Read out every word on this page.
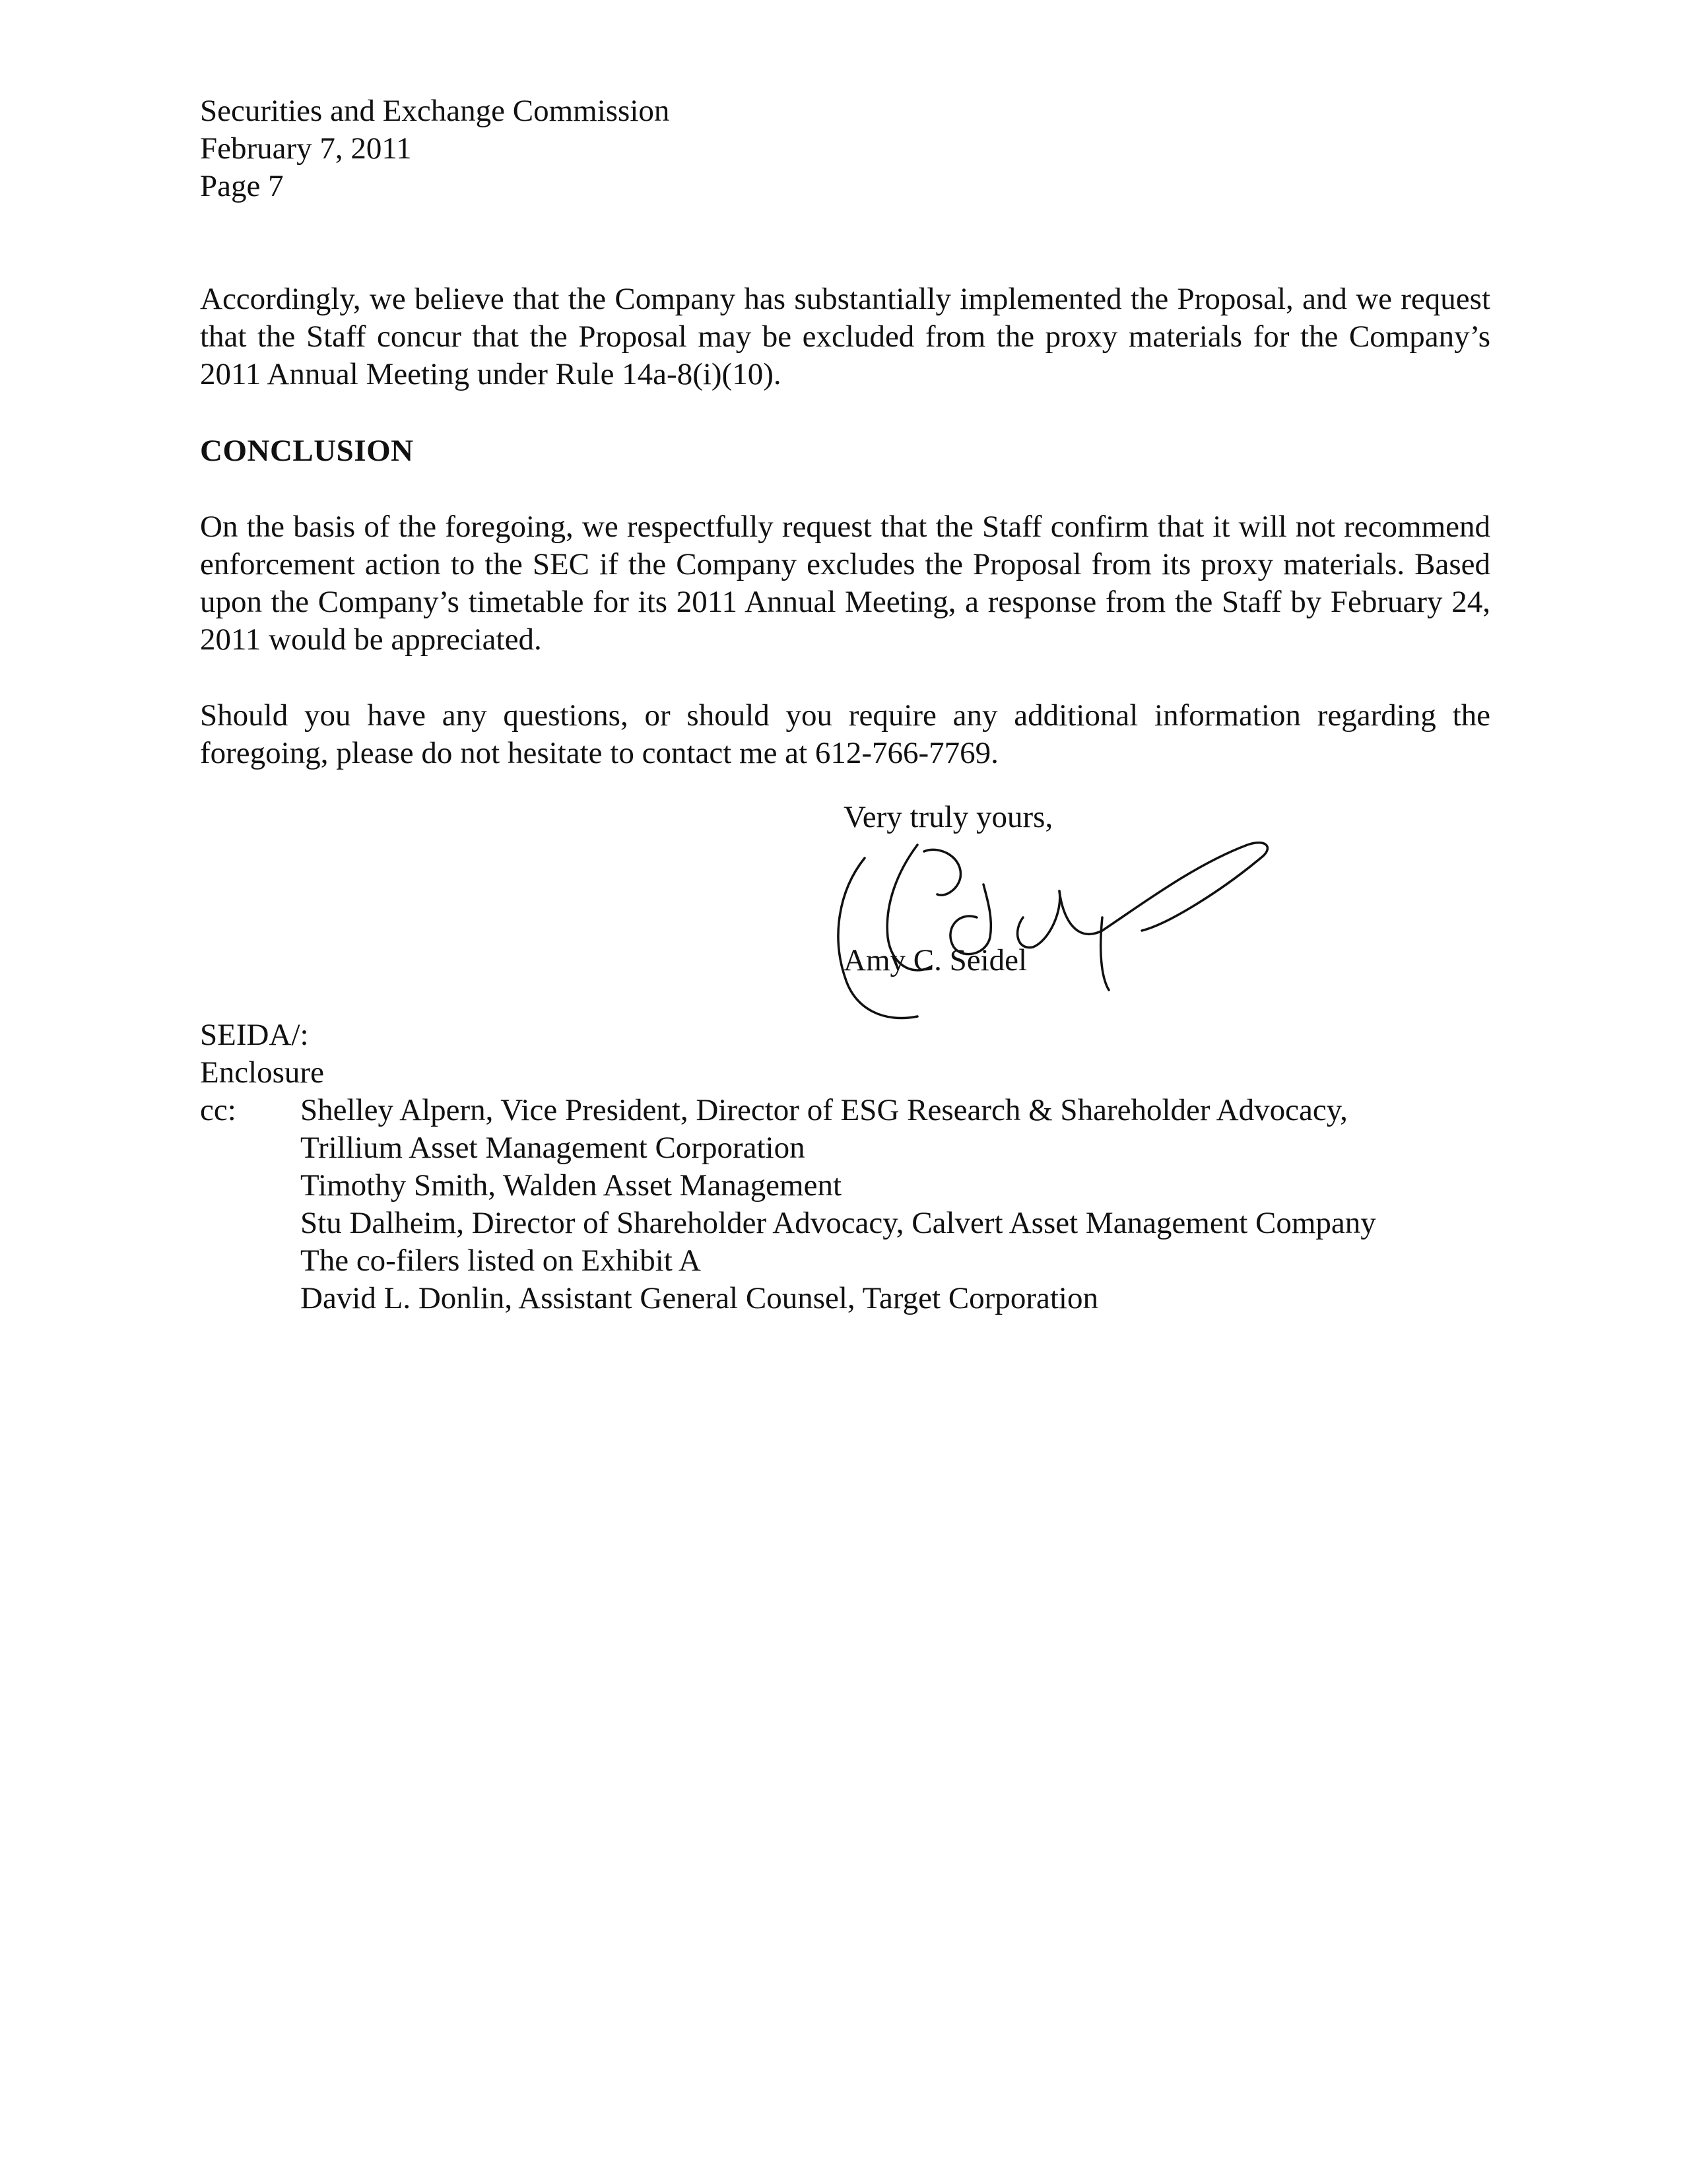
Securities and Exchange Commission
February 7, 2011
Page 7

Accordingly, we believe that the Company has substantially implemented the Proposal, and we request that the Staff concur that the Proposal may be excluded from the proxy materials for the Company’s 2011 Annual Meeting under Rule 14a-8(i)(10).

CONCLUSION

On the basis of the foregoing, we respectfully request that the Staff confirm that it will not recommend enforcement action to the SEC if the Company excludes the Proposal from its proxy materials. Based upon the Company’s timetable for its 2011 Annual Meeting, a response from the Staff by February 24, 2011 would be appreciated.

Should you have any questions, or should you require any additional information regarding the foregoing, please do not hesitate to contact me at 612-766-7769.

Very truly yours,
Amy C. Seidel
SEIDA/:
Enclosure
cc: Shelley Alpern, Vice President, Director of ESG Research & Shareholder Advocacy,
Trillium Asset Management Corporation
Timothy Smith, Walden Asset Management
Stu Dalheim, Director of Shareholder Advocacy, Calvert Asset Management Company
The co-filers listed on Exhibit A
David L. Donlin, Assistant General Counsel, Target Corporation
